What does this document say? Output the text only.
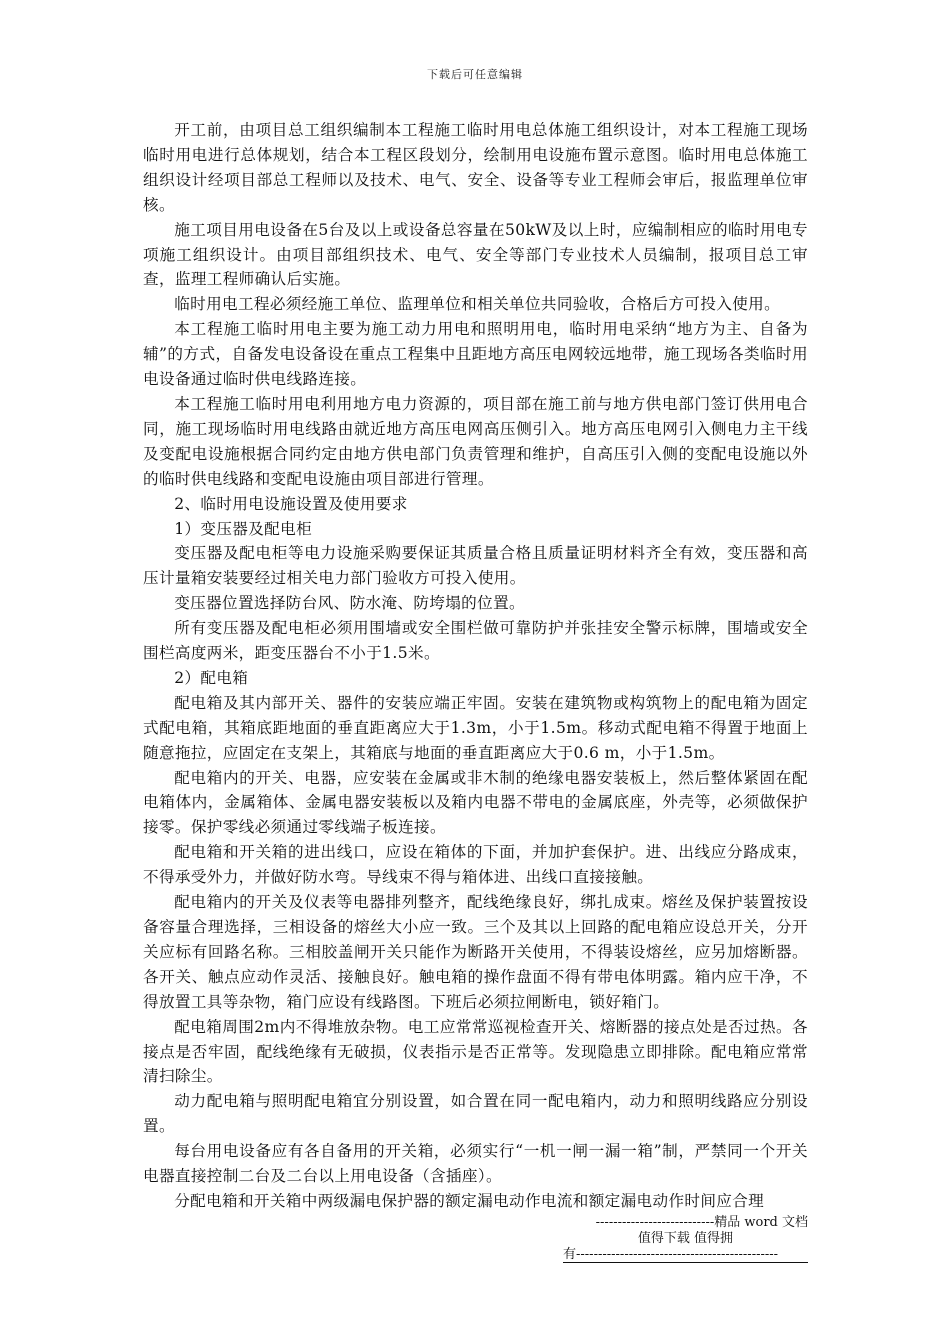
下载后可任意编辑

开工前，由项目总工组织编制本工程施工临时用电总体施工组织设计，对本工程施工现场临时用电进行总体规划，结合本工程区段划分，绘制用电设施布置示意图。临时用电总体施工组织设计经项目部总工程师以及技术、电气、安全、设备等专业工程师会审后，报监理单位审核。

施工项目用电设备在5台及以上或设备总容量在50kW及以上时，应编制相应的临时用电专项施工组织设计。由项目部组织技术、电气、安全等部门专业技术人员编制，报项目总工审查，监理工程师确认后实施。

临时用电工程必须经施工单位、监理单位和相关单位共同验收，合格后方可投入使用。

本工程施工临时用电主要为施工动力用电和照明用电，临时用电采纳“地方为主、自备为辅”的方式，自备发电设备设在重点工程集中且距地方高压电网较远地带，施工现场各类临时用电设备通过临时供电线路连接。

本工程施工临时用电利用地方电力资源的，项目部在施工前与地方供电部门签订供用电合同，施工现场临时用电线路由就近地方高压电网高压侧引入。地方高压电网引入侧电力主干线及变配电设施根据合同约定由地方供电部门负责管理和维护，自高压引入侧的变配电设施以外的临时供电线路和变配电设施由项目部进行管理。

2、临时用电设施设置及使用要求

1）变压器及配电柜

变压器及配电柜等电力设施采购要保证其质量合格且质量证明材料齐全有效，变压器和高压计量箱安装要经过相关电力部门验收方可投入使用。

变压器位置选择防台风、防水淹、防垮塌的位置。

所有变压器及配电柜必须用围墙或安全围栏做可靠防护并张挂安全警示标牌，围墙或安全围栏高度两米，距变压器台不小于1.5米。

2）配电箱

配电箱及其内部开关、器件的安装应端正牢固。安装在建筑物或构筑物上的配电箱为固定式配电箱，其箱底距地面的垂直距离应大于1.3m，小于1.5m。移动式配电箱不得置于地面上随意拖拉，应固定在支架上，其箱底与地面的垂直距离应大于0.6 m，小于1.5m。

配电箱内的开关、电器，应安装在金属或非木制的绝缘电器安装板上，然后整体紧固在配电箱体内，金属箱体、金属电器安装板以及箱内电器不带电的金属底座，外壳等，必须做保护接零。保护零线必须通过零线端子板连接。

配电箱和开关箱的进出线口，应设在箱体的下面，并加护套保护。进、出线应分路成束，不得承受外力，并做好防水弯。导线束不得与箱体进、出线口直接接触。

配电箱内的开关及仪表等电器排列整齐，配线绝缘良好，绑扎成束。熔丝及保护装置按设备容量合理选择，三相设备的熔丝大小应一致。三个及其以上回路的配电箱应设总开关，分开关应标有回路名称。三相胶盖闸开关只能作为断路开关使用，不得装设熔丝，应另加熔断器。各开关、触点应动作灵活、接触良好。触电箱的操作盘面不得有带电体明露。箱内应干净，不得放置工具等杂物，箱门应设有线路图。下班后必须拉闸断电，锁好箱门。

配电箱周围2m内不得堆放杂物。电工应常常巡视检查开关、熔断器的接点处是否过热。各接点是否牢固，配线绝缘有无破损，仪表指示是否正常等。发现隐患立即排除。配电箱应常常清扫除尘。

动力配电箱与照明配电箱宜分别设置，如合置在同一配电箱内，动力和照明线路应分别设置。

每台用电设备应有各自备用的开关箱，必须实行“一机一闸一漏一箱”制，严禁同一个开关电器直接控制二台及二台以上用电设备（含插座）。

分配电箱和开关箱中两级漏电保护器的额定漏电动作电流和额定漏电动作时间应合理

---------------------------精品 word 文档
值得下载 值得拥
有----------------------------------------------
